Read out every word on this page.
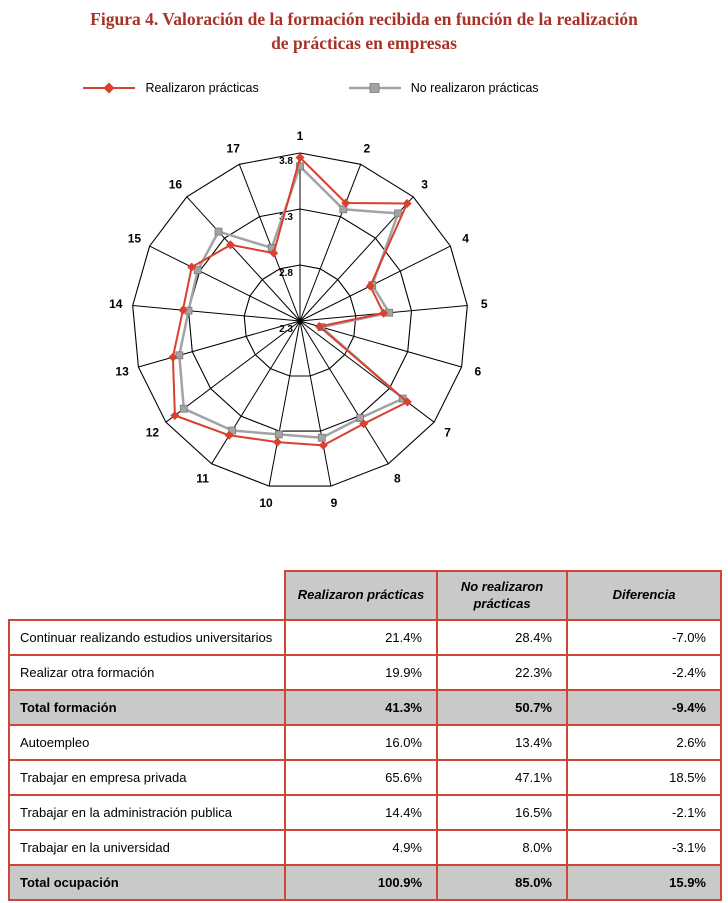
Figura 4. Valoración de la formación recibida en función de la realización
de prácticas en empresas
Realizaron prácticas	No realizaron prácticas
1
2
3
4
5
6
7
8
9
10
11
12
13
14
15
16
17
3.8
3.3
2.8
2.3
	Realizaron prácticas	No realizaron prácticas	Diferencia
Continuar realizando estudios universitarios	21.4%	28.4%	-7.0%
Realizar otra formación	19.9%	22.3%	-2.4%
Total formación	41.3%	50.7%	-9.4%
Autoempleo	16.0%	13.4%	2.6%
Trabajar en empresa privada	65.6%	47.1%	18.5%
Trabajar en la administración publica	14.4%	16.5%	-2.1%
Trabajar en la universidad	4.9%	8.0%	-3.1%
Total ocupación	100.9%	85.0%	15.9%
